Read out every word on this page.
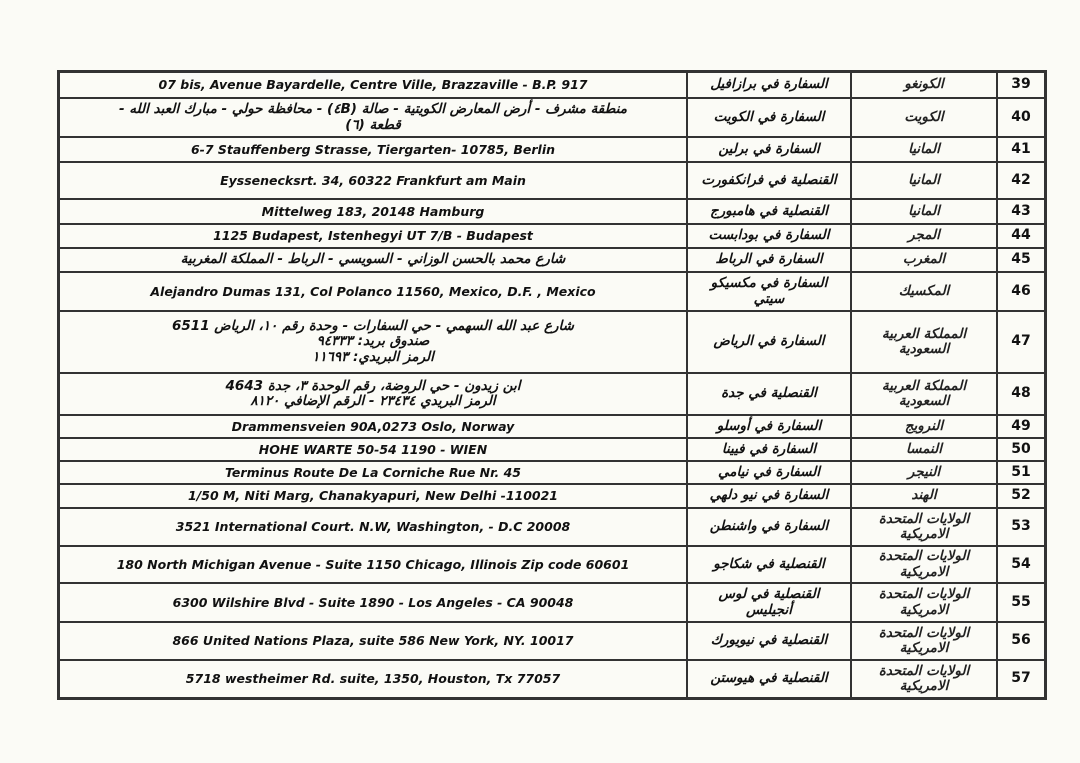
07 bis, Avenue Bayardelle, Centre Ville, Brazzaville - B.P. 917	السفارة في برازافيل	الكونغو	39

منطقة مشرف - أرض المعارض الكويتية - صالة (٤B) - محافظة حولي - مبارك العبد الله -
قطعة (٦)	السفارة في الكويت	الكويت	40

6-7 Stauffenberg Strasse, Tiergarten- 10785, Berlin	السفارة في برلين	المانيا	41

Eyssenecksrt. 34, 60322 Frankfurt am Main	القنصلية في فرانكفورت	المانيا	42

Mittelweg 183, 20148 Hamburg	القنصلية في هامبورج	المانيا	43

1125 Budapest, Istenhegyi UT 7/B - Budapest	السفارة في بودابست	المجر	44

شارع محمد بالحسن الوزاني - السويسي - الرباط - المملكة المغربية	السفارة في الرباط	المغرب	45

Alejandro Dumas 131, Col Polanco 11560, Mexico, D.F. , Mexico	السفارة في مكسيكو سيتي	المكسيك	46

شارع عبد الله السهمي - حي السفارات - وحدة رقم ١٠، الرياض 6511
صندوق بريد: ٩٤٣٣٣
الرمز البريدي: ١١٦٩٣	السفارة في الرياض	المملكة العربية السعودية	47

ابن زيدون - حي الروضة، رقم الوحدة ٣، جدة 4643
الرمز البريدي ٢٣٤٣٤ - الرقم الإضافي ٨١٢٠	القنصلية في جدة	المملكة العربية السعودية	48

Drammensveien 90A,0273 Oslo, Norway	السفارة في أوسلو	النرويج	49

HOHE WARTE 50-54 1190 - WIEN	السفارة في فيينا	النمسا	50

Terminus Route De La Corniche Rue Nr. 45	السفارة في نيامي	النيجر	51

1/50 M, Niti Marg, Chanakyapuri, New Delhi -110021	السفارة في نيو دلهي	الهند	52

3521 International Court. N.W, Washington, - D.C 20008	السفارة في واشنطن	الولايات المتحدة الامريكية	53

180 North Michigan Avenue - Suite 1150 Chicago, Illinois Zip code 60601	القنصلية في شكاجو	الولايات المتحدة الامريكية	54

6300 Wilshire Blvd - Suite 1890 - Los Angeles - CA 90048	القنصلية في لوس أنجيليس	الولايات المتحدة الامريكية	55

866 United Nations Plaza, suite 586 New York, NY. 10017	القنصلية في نيويورك	الولايات المتحدة الامريكية	56

5718 westheimer Rd. suite, 1350, Houston, Tx 77057	القنصلية في هيوستن	الولايات المتحدة الامريكية	57
